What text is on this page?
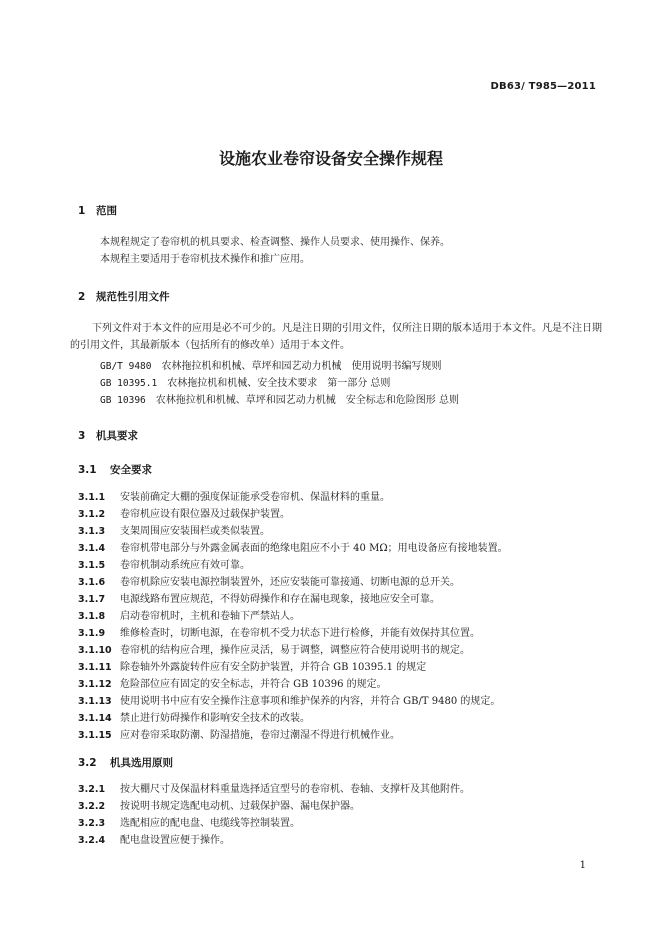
DB63/ T985—2011
设施农业卷帘设备安全操作规程
1 范围
本规程规定了卷帘机的机具要求、检查调整、操作人员要求、使用操作、保养。
本规程主要适用于卷帘机技术操作和推广应用。
2 规范性引用文件
下列文件对于本文件的应用是必不可少的。凡是注日期的引用文件，仅所注日期的版本适用于本文件。凡是不注日期的引用文件，其最新版本（包括所有的修改单）适用于本文件。
GB/T 9480　 农林拖拉机和机械、草坪和园艺动力机械　使用说明书编写规则
GB 10395.1　 农林拖拉机和机械、安全技术要求　第一部分 总则
GB 10396　 农林拖拉机和机械、草坪和园艺动力机械　安全标志和危险图形 总则
3 机具要求
3.1 安全要求
3.1.1 安装前确定大棚的强度保证能承受卷帘机、保温材料的重量。
3.1.2 卷帘机应设有限位器及过载保护装置。
3.1.3 支架周围应安装围栏或类似装置。
3.1.4 卷帘机带电部分与外露金属表面的绝缘电阻应不小于 40 MΩ；用电设备应有接地装置。
3.1.5 卷帘机制动系统应有效可靠。
3.1.6 卷帘机除应安装电源控制装置外，还应安装能可靠接通、切断电源的总开关。
3.1.7 电源线路布置应规范，不得妨碍操作和存在漏电现象，接地应安全可靠。
3.1.8 启动卷帘机时，主机和卷轴下严禁站人。
3.1.9 维修检查时，切断电源，在卷帘机不受力状态下进行检修，并能有效保持其位置。
3.1.10 卷帘机的结构应合理，操作应灵活，易于调整，调整应符合使用说明书的规定。
3.1.11 除卷轴外外露旋转件应有安全防护装置，并符合 GB 10395.1 的规定
3.1.12 危险部位应有固定的安全标志，并符合 GB 10396 的规定。
3.1.13 使用说明书中应有安全操作注意事项和维护保养的内容，并符合 GB/T 9480 的规定。
3.1.14 禁止进行妨碍操作和影响安全技术的改装。
3.1.15 应对卷帘采取防潮、防湿措施，卷帘过潮湿不得进行机械作业。
3.2 机具选用原则
3.2.1 按大棚尺寸及保温材料重量选择适宜型号的卷帘机、卷轴、支撑杆及其他附件。
3.2.2 按说明书规定选配电动机、过载保护器、漏电保护器。
3.2.3 选配相应的配电盘、电缆线等控制装置。
3.2.4 配电盘设置应便于操作。
1
